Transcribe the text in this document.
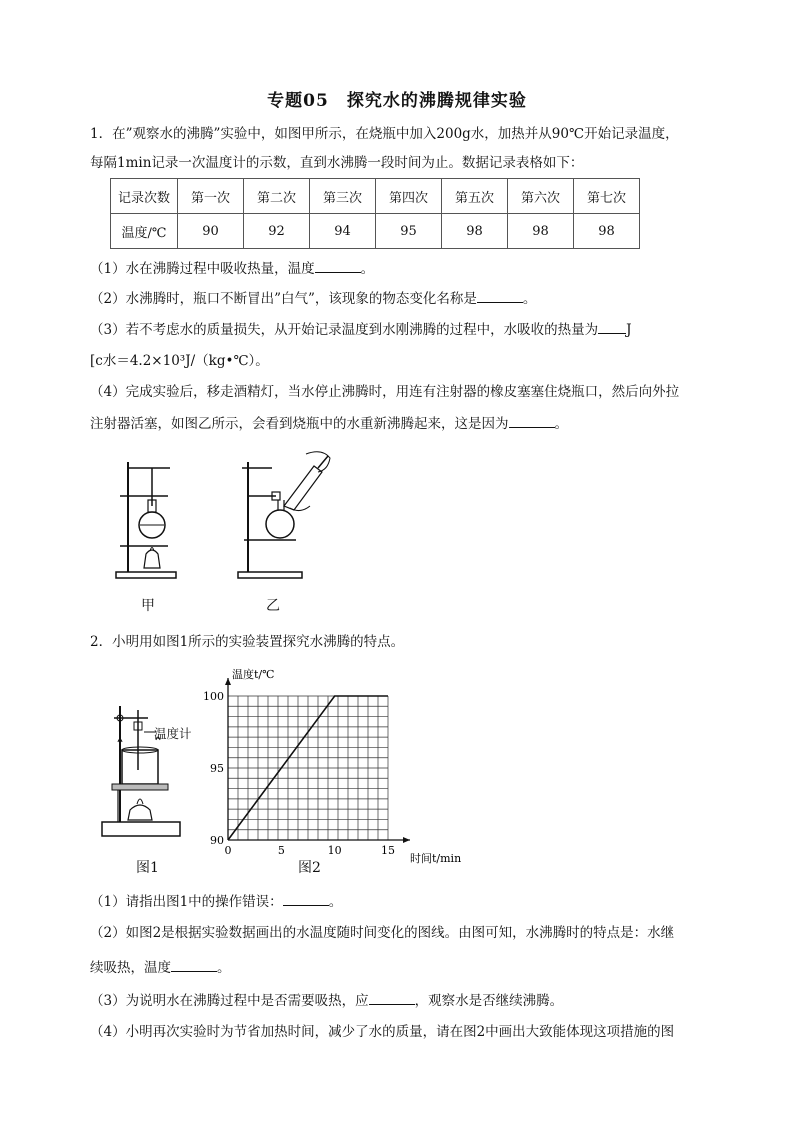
专题05　探究水的沸腾规律实验
1．在”观察水的沸腾”实验中，如图甲所示，在烧瓶中加入200g水，加热并从90℃开始记录温度，
每隔1min记录一次温度计的示数，直到水沸腾一段时间为止。数据记录表格如下：
记录次数	第一次	第二次	第三次	第四次	第五次	第六次	第七次
温度/℃	90	92	94	95	98	98	98
（1）水在沸腾过程中吸收热量，温度	。
（2）水沸腾时，瓶口不断冒出”白气”，该现象的物态变化名称是	。
（3）若不考虑水的质量损失，从开始记录温度到水刚沸腾的过程中，水吸收的热量为 J
[c水＝4.2×10³J/（kg•℃）。
（4）完成实验后，移走酒精灯，当水停止沸腾时，用连有注射器的橡皮塞塞住烧瓶口，然后向外拉
注射器活塞，如图乙所示，会看到烧瓶中的水重新沸腾起来，这是因为	。
甲	乙
2．小明用如图1所示的实验装置探究水沸腾的特点。
温度计
图1
0	5	10	15
90
95
100
温度t/℃
时间t/min
图2
（1）请指出图1中的操作错误：	。
（2）如图2是根据实验数据画出的水温度随时间变化的图线。由图可知，水沸腾时的特点是：水继
续吸热，温度	。
（3）为说明水在沸腾过程中是否需要吸热，应	，观察水是否继续沸腾。
（4）小明再次实验时为节省加热时间，减少了水的质量，请在图2中画出大致能体现这项措施的图
